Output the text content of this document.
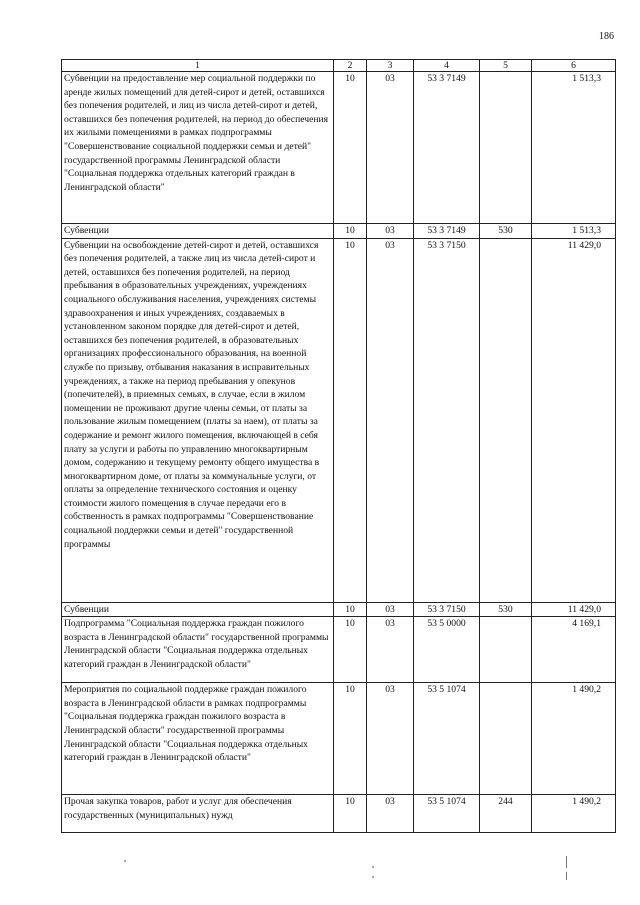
186
1	2	3	4	5	6
Субвенции на предоставление мер социальной поддержки по аренде жилых помещений для детей-сирот и детей, оставшихся без попечения родителей, и лиц из числа детей-сирот и детей, оставшихся без попечения родителей, на период до обеспечения их жилыми помещениями в рамках подпрограммы "Совершенствование социальной поддержки семьи и детей" государственной программы Ленинградской области "Социальная поддержка отдельных категорий граждан в Ленинградской области"	10	03	53 3 7149		1 513,3
Субвенции	10	03	53 3 7149	530	1 513,3
Субвенции на освобождение детей-сирот и детей, оставшихся без попечения родителей, а также лиц из числа детей-сирот и детей, оставшихся без попечения родителей, на период пребывания в образовательных учреждениях, учреждениях социального обслуживания населения, учреждениях системы здравоохранения и иных учреждениях, создаваемых в установленном законом порядке для детей-сирот и детей, оставшихся без попечения родителей, в образовательных организациях профессионального образования, на военной службе по призыву, отбывания наказания в исправительных учреждениях, а также на период пребывания у опекунов (попечителей), в приемных семьях, в случае, если в жилом помещении не проживают другие члены семьи, от платы за пользование жилым помещением (платы за наем), от платы за содержание и ремонт жилого помещения, включающей в себя плату за услуги и работы по управлению многоквартирным домом, содержанию и текущему ремонту общего имущества в многоквартирном доме, от платы за коммунальные услуги, от оплаты за определение технического состояния и оценку стоимости жилого помещения в случае передачи его в собственность в рамках подпрограммы "Совершенствование социальной поддержки семьи и детей" государственной программы	10	03	53 3 7150		11 429,0
Субвенции	10	03	53 3 7150	530	11 429,0
Подпрограмма "Социальная поддержка граждан пожилого возраста в Ленинградской области" государственной программы Ленинградской области "Социальная поддержка отдельных категорий граждан в Ленинградской области"	10	03	53 5 0000		4 169,1
Мероприятия по социальной поддержке граждан пожилого возраста в Ленинградской области в рамках подпрограммы "Социальная поддержка граждан пожилого возраста в Ленинградской области" государственной программы Ленинградской области "Социальная поддержка отдельных категорий граждан в Ленинградской области"	10	03	53 5 1074		1 490,2
Прочая закупка товаров, работ и услуг для обеспечения государственных (муниципальных) нужд	10	03	53 5 1074	244	1 490,2
